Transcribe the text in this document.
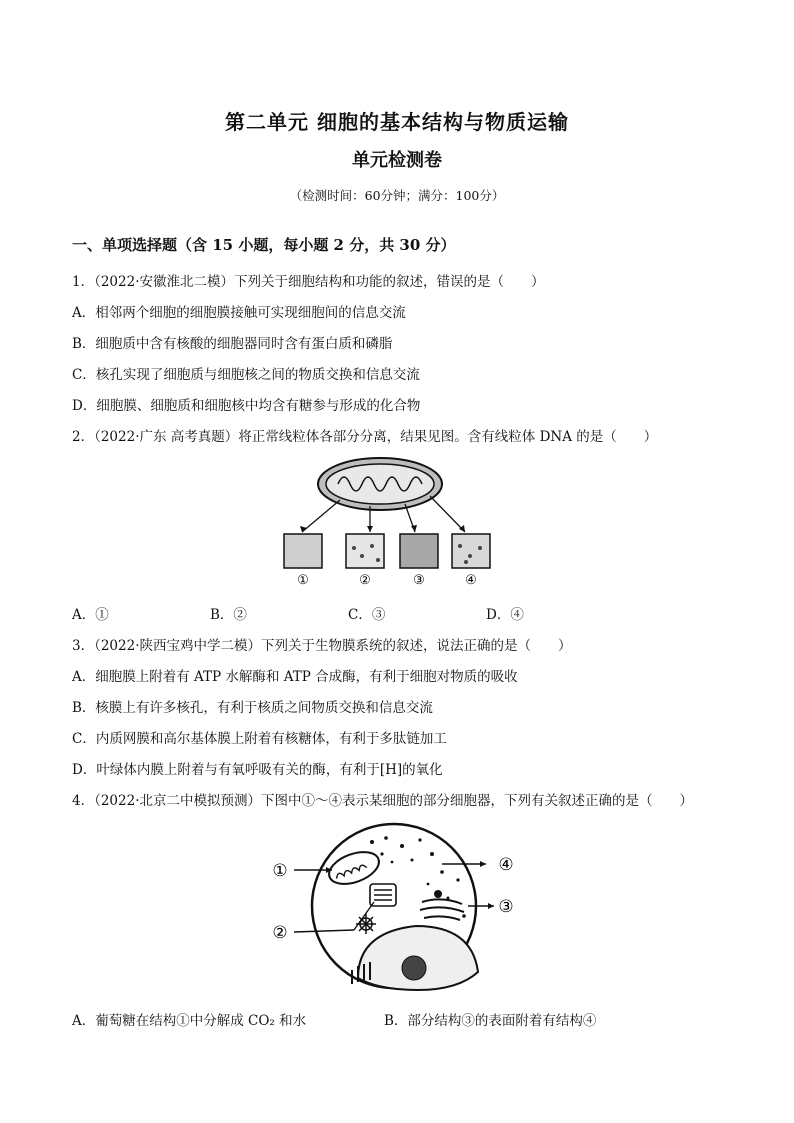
第二单元 细胞的基本结构与物质运输
单元检测卷
（检测时间：60分钟；满分：100分）
一、单项选择题（含 15 小题，每小题 2 分，共 30 分）
1．（2022·安徽淮北二模）下列关于细胞结构和功能的叙述，错误的是（　　）
A．相邻两个细胞的细胞膜接触可实现细胞间的信息交流
B．细胞质中含有核酸的细胞器同时含有蛋白质和磷脂
C．核孔实现了细胞质与细胞核之间的物质交换和信息交流
D．细胞膜、细胞质和细胞核中均含有糖参与形成的化合物
2．（2022·广东 高考真题）将正常线粒体各部分分离，结果见图。含有线粒体 DNA 的是（　　）
①	②	③	④
A．①	B．②	C．③	D．④
3．（2022·陕西宝鸡中学二模）下列关于生物膜系统的叙述，说法正确的是（　　）
A．细胞膜上附着有 ATP 水解酶和 ATP 合成酶，有利于细胞对物质的吸收
B．核膜上有许多核孔，有利于核质之间物质交换和信息交流
C．内质网膜和高尔基体膜上附着有核糖体，有利于多肽链加工
D．叶绿体内膜上附着与有氧呼吸有关的酶，有利于[H]的氧化
4．（2022·北京二中模拟预测）下图中①～④表示某细胞的部分细胞器，下列有关叙述正确的是（　　）
①
②
③
④
A．葡萄糖在结构①中分解成 CO₂ 和水	B．部分结构③的表面附着有结构④
